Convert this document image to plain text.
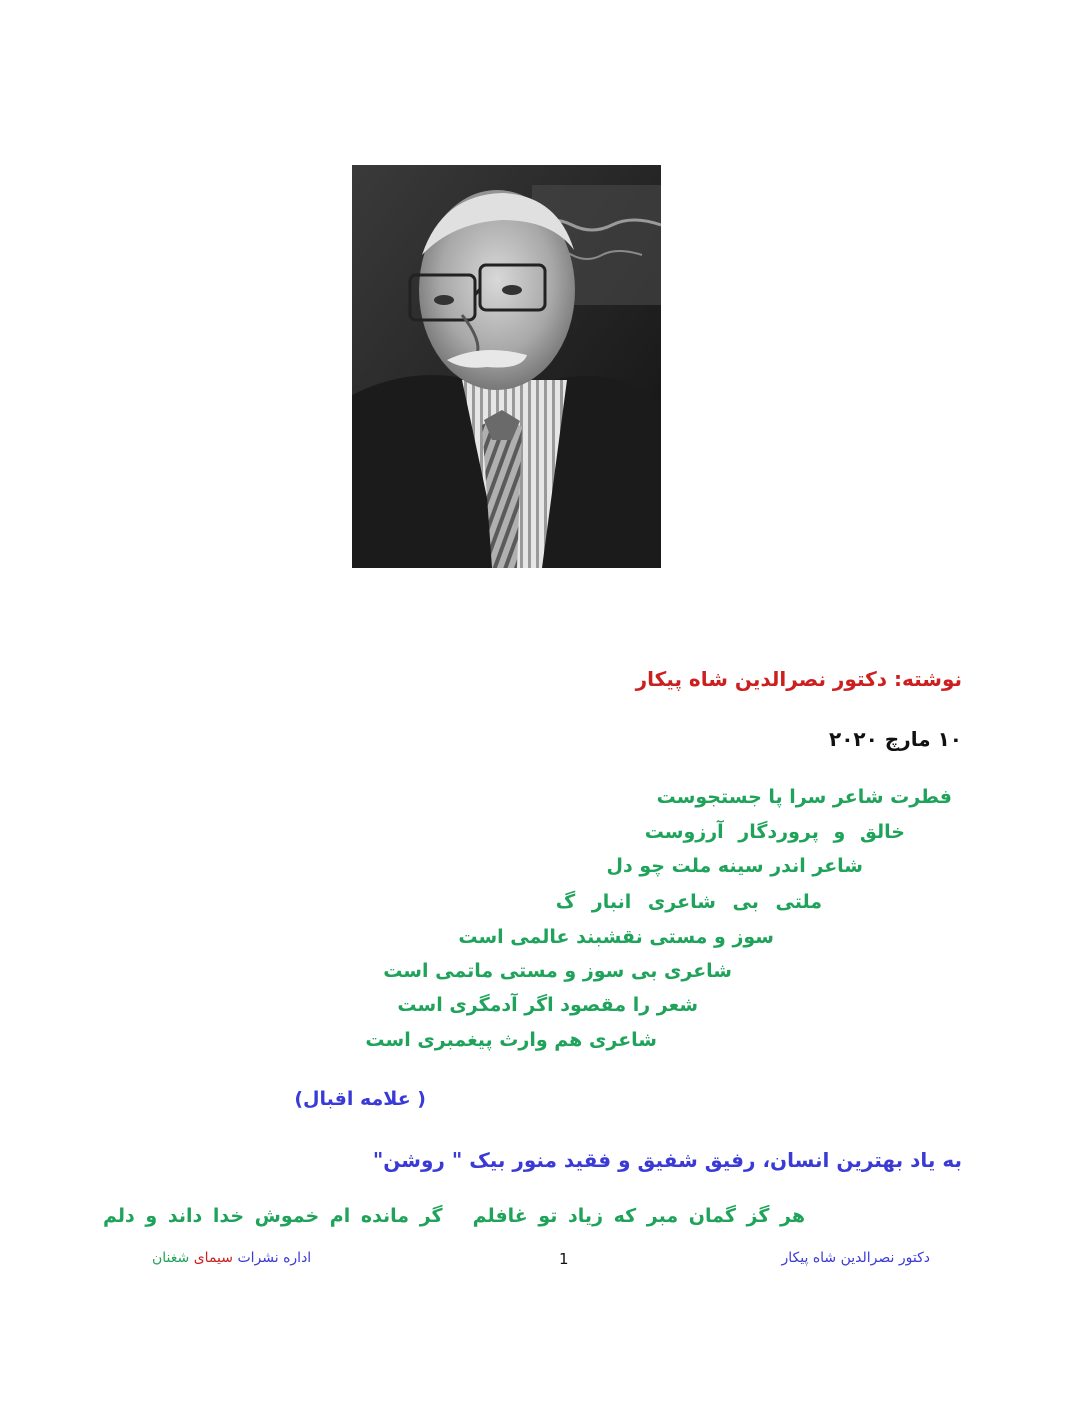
نوشته: دکتور نصرالدین شاه پیکار
۱۰ مارچ ۲۰۲۰
فطرت شاعر سرا پا جستجوست
خالق و پروردگار آرزوست
شاعر اندر سینه ملت چو دل
ملتی بی شاعری انبار گ
سوز و مستی نقشبند عالمی است
شاعری بی سوز و مستی ماتمی است
شعر را مقصود اگر آدمگری است
شاعری هم وارث پیغمبری است
( علامه اقبال)
به یاد بهترین انسان، رفیق شفیق و فقید منور بیک " روشن"
هر گز گمان مبر که زیاد تو غافلمگر مانده ام خموش خدا داند و دلم
دکتور نصرالدین شاه پیکار
1
اداره نشرات سیمای شغنان
